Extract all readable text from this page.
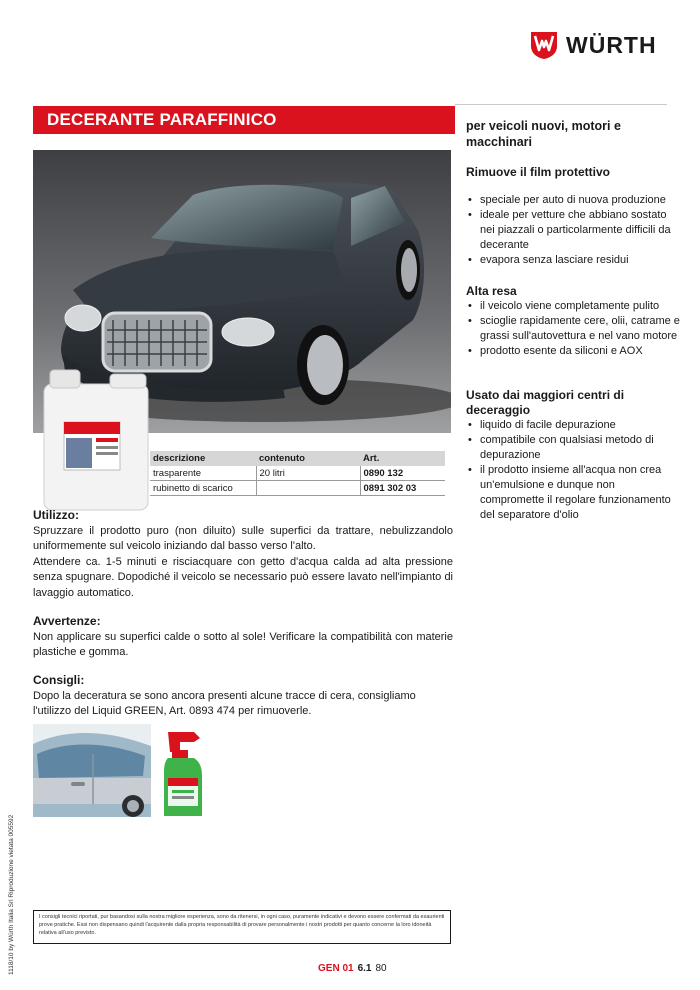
WÜRTH
DECERANTE PARAFFINICO	per veicoli nuovi, motori e macchinari
Rimuove il film protettivo
• speciale per auto di nuova produzione
• ideale per vetture che abbiano sostato nei piazzali o particolarmente difficili da decerante
• evapora senza lasciare residui
Alta resa
• il veicolo viene completamente pulito
• scioglie rapidamente cere, olii, catrame e grassi sull'autovettura e nel vano motore
• prodotto esente da siliconi e AOX
Usato dai maggiori centri di deceraggio
• liquido di facile depurazione
• compatibile con qualsiasi metodo di depurazione
• il prodotto insieme all'acqua non crea un'emulsione e dunque non compromette il regolare funzionamento del separatore d'olio
descrizione	contenuto	Art.
trasparente	20 litri	0890 132
rubinetto di scarico		0891 302 03
Utilizzo:

Spruzzare il prodotto puro (non diluito) sulle superfici da trattare, nebulizzandolo uniformemente sul veicolo iniziando dal basso verso l'alto.

Attendere ca. 1-5 minuti e risciacquare con getto d'acqua calda ad alta pressione senza spugnare. Dopodiché il veicolo se necessario può essere lavato nell'impianto di lavaggio automatico.

Avvertenze:

Non applicare su superfici calde o sotto al sole! Verificare la compatibilità con materie plastiche e gomma.

Consigli:

Dopo la deceratura se sono ancora presenti alcune tracce di cera, consigliamo l'utilizzo del Liquid GREEN, Art. 0893 474 per rimuoverle.

1118/10 by Würth Italia Srl Riproduzione vietata 005592	I consigli tecnici riportati, pur basandosi sulla nostra migliore esperienza, sono da ritenersi, in ogni caso, puramente indicativi e devono essere confermati da esaurienti prove pratiche. Essi non dispensano quindi l'acquirente dalla propria responsabilità di provare personalmente i nostri prodotti per quanto concerne la loro idoneità relativa all'uso previsto.
GEN 01 6.1 80
